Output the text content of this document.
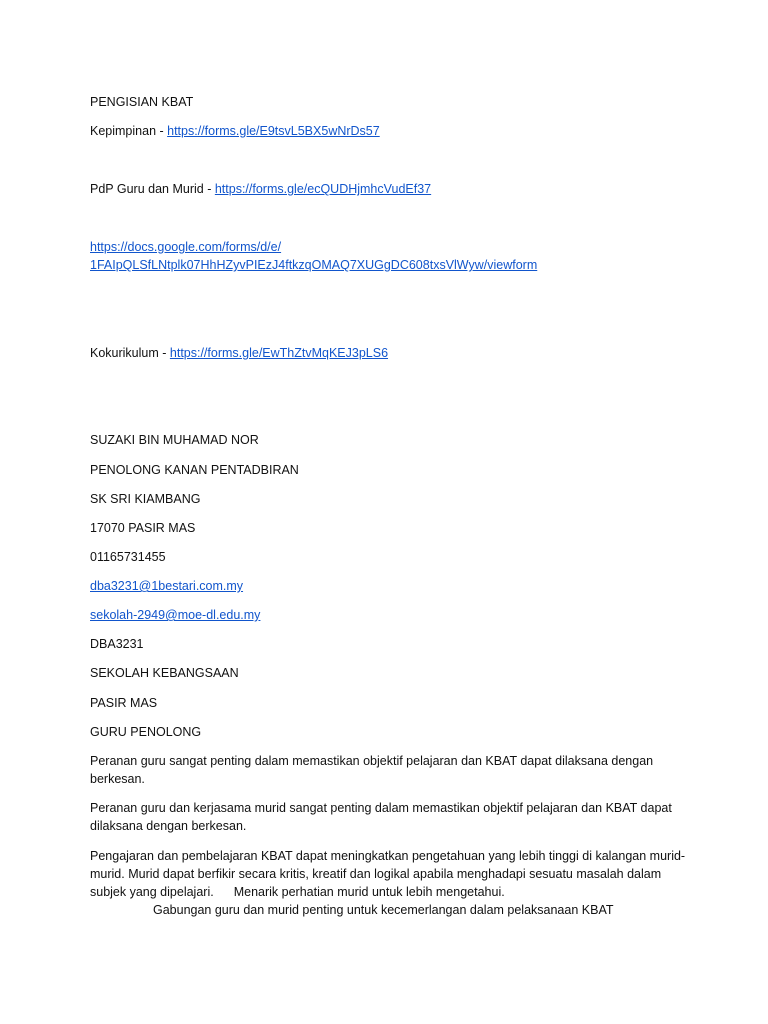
PENGISIAN KBAT
Kepimpinan - https://forms.gle/E9tsvL5BX5wNrDs57
PdP Guru dan Murid - https://forms.gle/ecQUDHjmhcVudEf37
https://docs.google.com/forms/d/e/
1FAIpQLSfLNtplk07HhHZyvPIEzJ4ftkzqOMAQ7XUGgDC608txsVlWyw/viewform
Kokurikulum - https://forms.gle/EwThZtvMqKEJ3pLS6
SUZAKI BIN MUHAMAD NOR
PENOLONG KANAN PENTADBIRAN
SK SRI KIAMBANG
17070 PASIR MAS
01165731455
dba3231@1bestari.com.my
sekolah-2949@moe-dl.edu.my
DBA3231
SEKOLAH KEBANGSAAN
PASIR MAS
GURU PENOLONG
Peranan guru sangat penting dalam memastikan objektif pelajaran dan KBAT dapat dilaksana dengan berkesan.
Peranan guru dan kerjasama murid sangat penting dalam memastikan objektif pelajaran dan KBAT dapat dilaksana dengan berkesan.
Pengajaran dan pembelajaran KBAT dapat meningkatkan pengetahuan yang lebih tinggi di kalangan murid-murid. Murid dapat berfikir secara kritis, kreatif dan logikal apabila menghadapi sesuatu masalah dalam subjek yang dipelajari. Menarik perhatian murid untuk lebih mengetahui.
Gabungan guru dan murid penting untuk kecemerlangan dalam pelaksanaan KBAT
